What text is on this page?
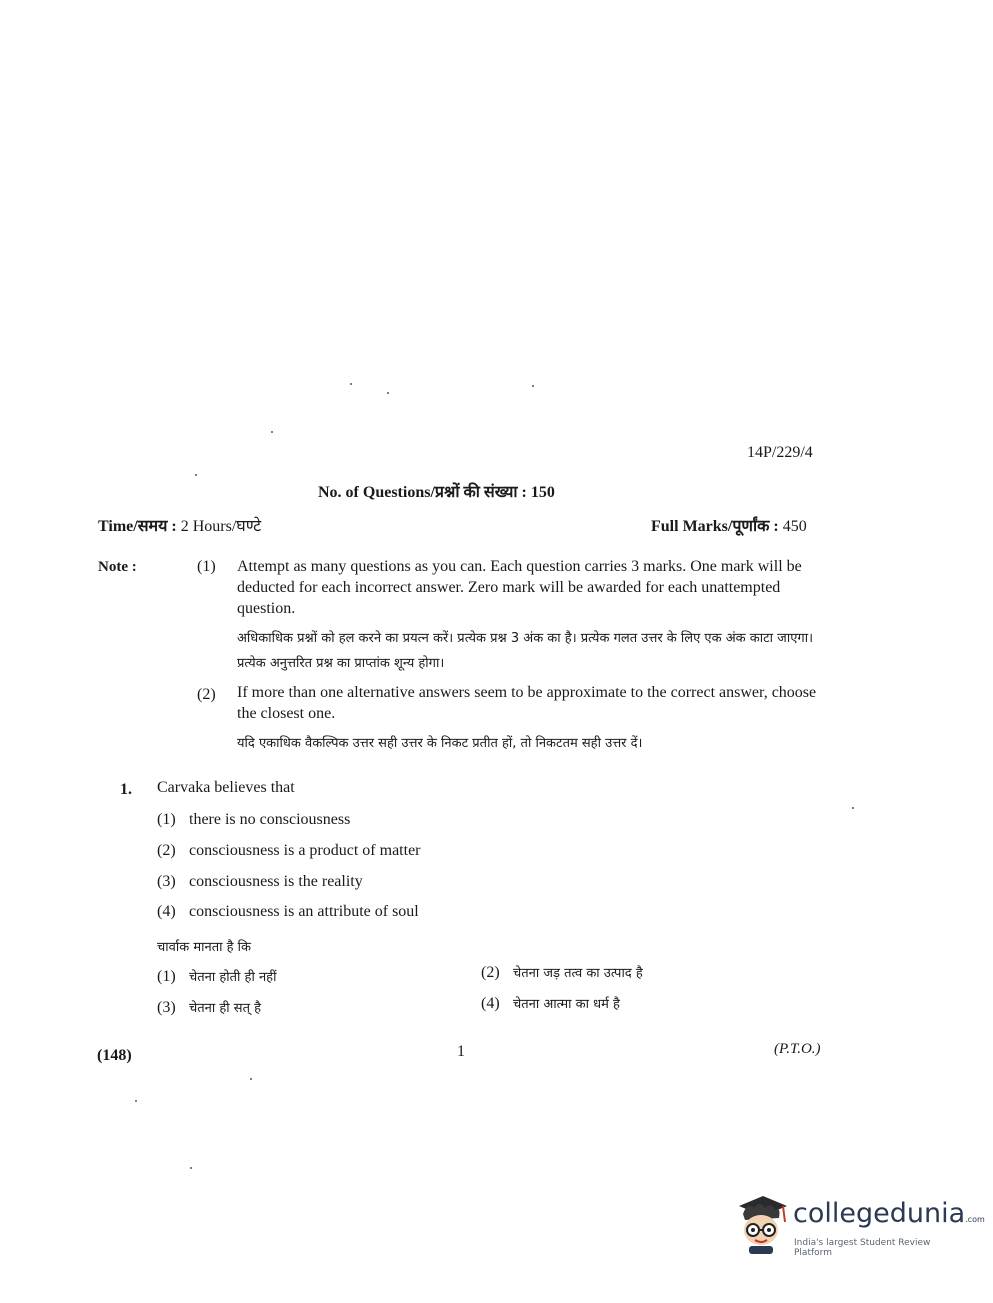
14P/229/4
No. of Questions/प्रश्नों की संख्या : 150
Time/समय : 2 Hours/घण्टे	Full Marks/पूर्णांक : 450
Note :	(1) Attempt as many questions as you can. Each question carries 3 marks. One mark will be deducted for each incorrect answer. Zero mark will be awarded for each unattempted question.
अधिकाधिक प्रश्नों को हल करने का प्रयत्न करें। प्रत्येक प्रश्न 3 अंक का है। प्रत्येक गलत उत्तर के लिए एक अंक काटा जाएगा। प्रत्येक अनुत्तरित प्रश्न का प्राप्तांक शून्य होगा।
(2) If more than one alternative answers seem to be approximate to the correct answer, choose the closest one.
यदि एकाधिक वैकल्पिक उत्तर सही उत्तर के निकट प्रतीत हों, तो निकटतम सही उत्तर दें।
1. Carvaka believes that
(1) there is no consciousness
(2) consciousness is a product of matter
(3) consciousness is the reality
(4) consciousness is an attribute of soul
चार्वाक मानता है कि
(1) चेतना होती ही नहीं	(2) चेतना जड़ तत्व का उत्पाद है
(3) चेतना ही सत् है	(4) चेतना आत्मा का धर्म है
(148)	1	(P.T.O.)
collegedunia.com
India's largest Student Review Platform
